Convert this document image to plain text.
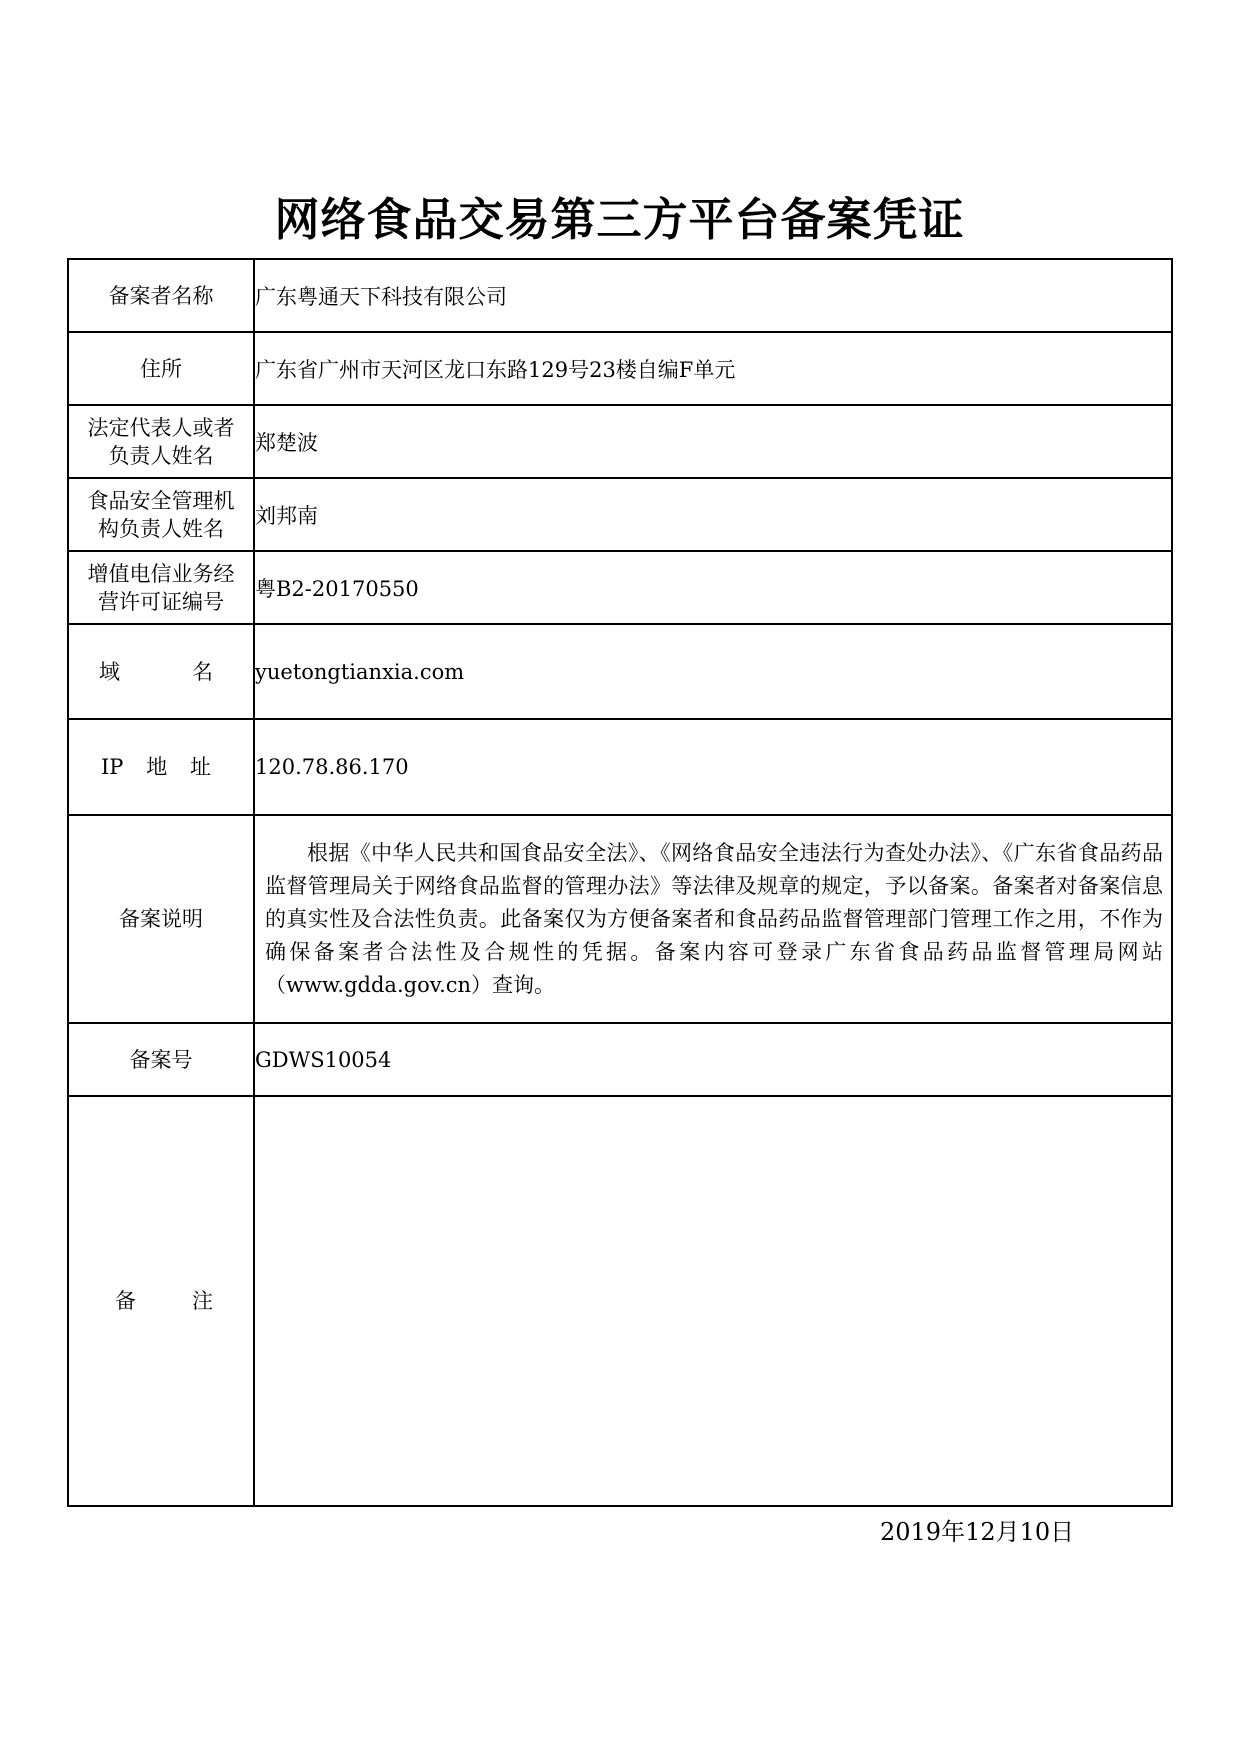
网络食品交易第三方平台备案凭证
备案者名称	广东粤通天下科技有限公司
住所	广东省广州市天河区龙口东路129号23楼自编F单元

法定代表人或者
负责人姓名	郑楚波

食品安全管理机
构负责人姓名	刘邦南

增值电信业务经
营许可证编号	粤B2-20170550

域 名	yuetongtianxia.com

IP 地 址	120.78.86.170
备案说明	根据《中华人民共和国食品安全法》、《网络食品安全违法行为查处办法》、《广东省食品药品监督管理局关于网络食品监督的管理办法》等法律及规章的规定，予以备案。备案者对备案信息的真实性及合法性负责。此备案仅为方便备案者和食品药品监督管理部门管理工作之用，不作为确保备案者合法性及合规性的凭据。备案内容可登录广东省食品药品监督管理局网站（www.gdda.gov.cn）查询。

备案号	GDWS10054

备 注	

2019年12月10日
